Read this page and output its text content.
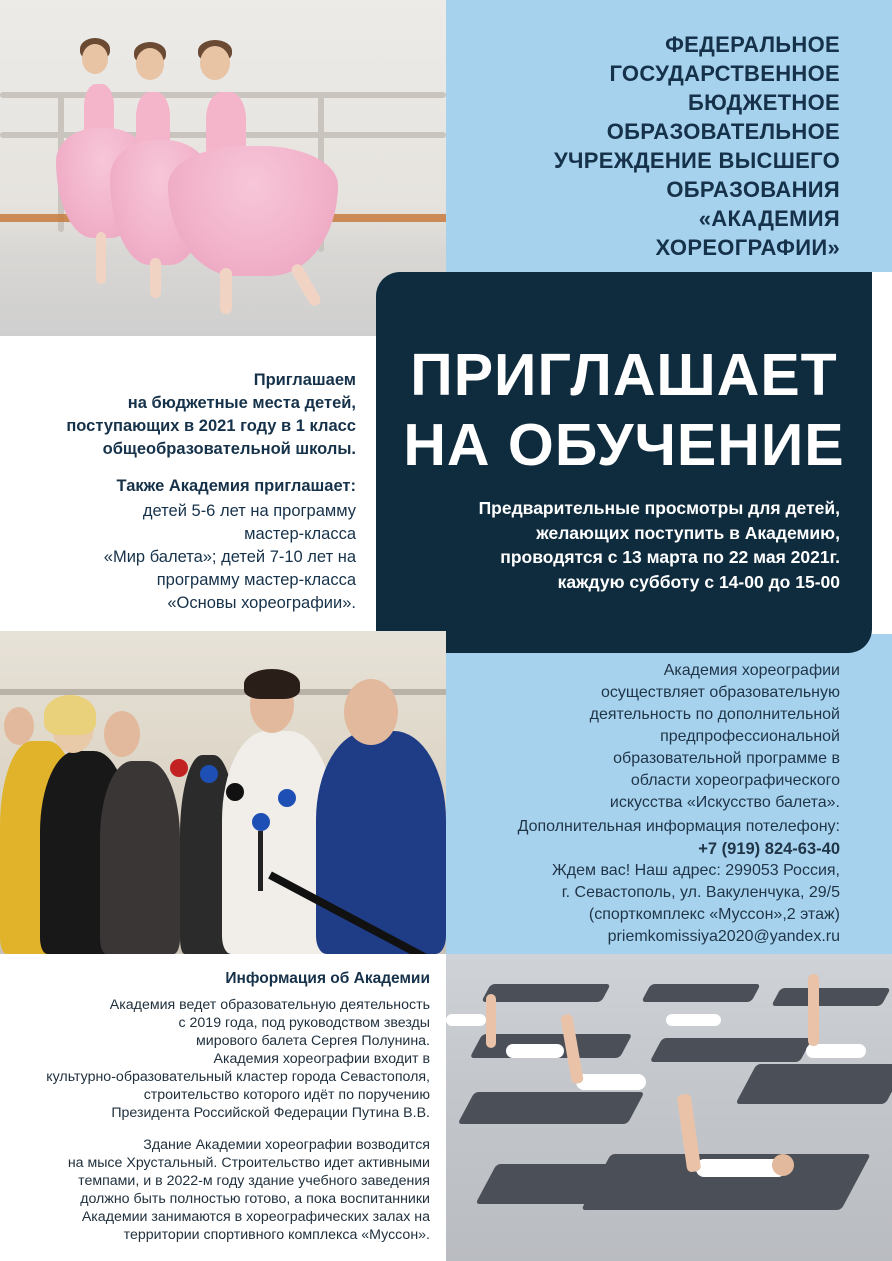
ФЕДЕРАЛЬНОЕ
ГОСУДАРСТВЕННОЕ
БЮДЖЕТНОЕ
ОБРАЗОВАТЕЛЬНОЕ
УЧРЕЖДЕНИЕ ВЫСШЕГО
ОБРАЗОВАНИЯ
«АКАДЕМИЯ
ХОРЕОГРАФИИ»
Приглашаем
на бюджетные места детей,
поступающих в 2021 году в 1 класс
общеобразовательной школы.
Также Академия приглашает:
детей 5-6 лет на программу
мастер-класса
«Мир балета»; детей 7-10 лет на
программу мастер-класса
«Основы хореографии».
ПРИГЛАШАЕТ
НА ОБУЧЕНИЕ
Предварительные просмотры для детей,
желающих поступить в Академию,
проводятся с 13 марта по 22 мая 2021г.
каждую субботу с 14-00 до 15-00
Академия хореографии
осуществляет образовательную
деятельность по дополнительной
предпрофессиональной
образовательной программе в
области хореографического
искусства «Искусство балета».
Дополнительная информация потелефону:
+7 (919) 824-63-40
Ждем вас! Наш адрес: 299053 Россия,
г. Севастополь, ул. Вакуленчука, 29/5
(спорткомплекс «Муссон»,2 этаж)
priemkomissiya2020@yandex.ru
Информация об Академии

Академия ведет образовательную деятельность
с 2019 года, под руководством звезды
мирового балета Сергея Полунина.
Академия хореографии входит в
культурно-образовательный кластер города Севастополя,
строительство которого идёт по поручению
Президента Российской Федерации Путина В.В.

Здание Академии хореографии возводится
на мысе Хрустальный. Строительство идет активными
темпами, и в 2022-м году здание учебного заведения
должно быть полностью готово, а пока воспитанники
Академии занимаются в хореографических залах на
территории спортивного комплекса «Муссон».
